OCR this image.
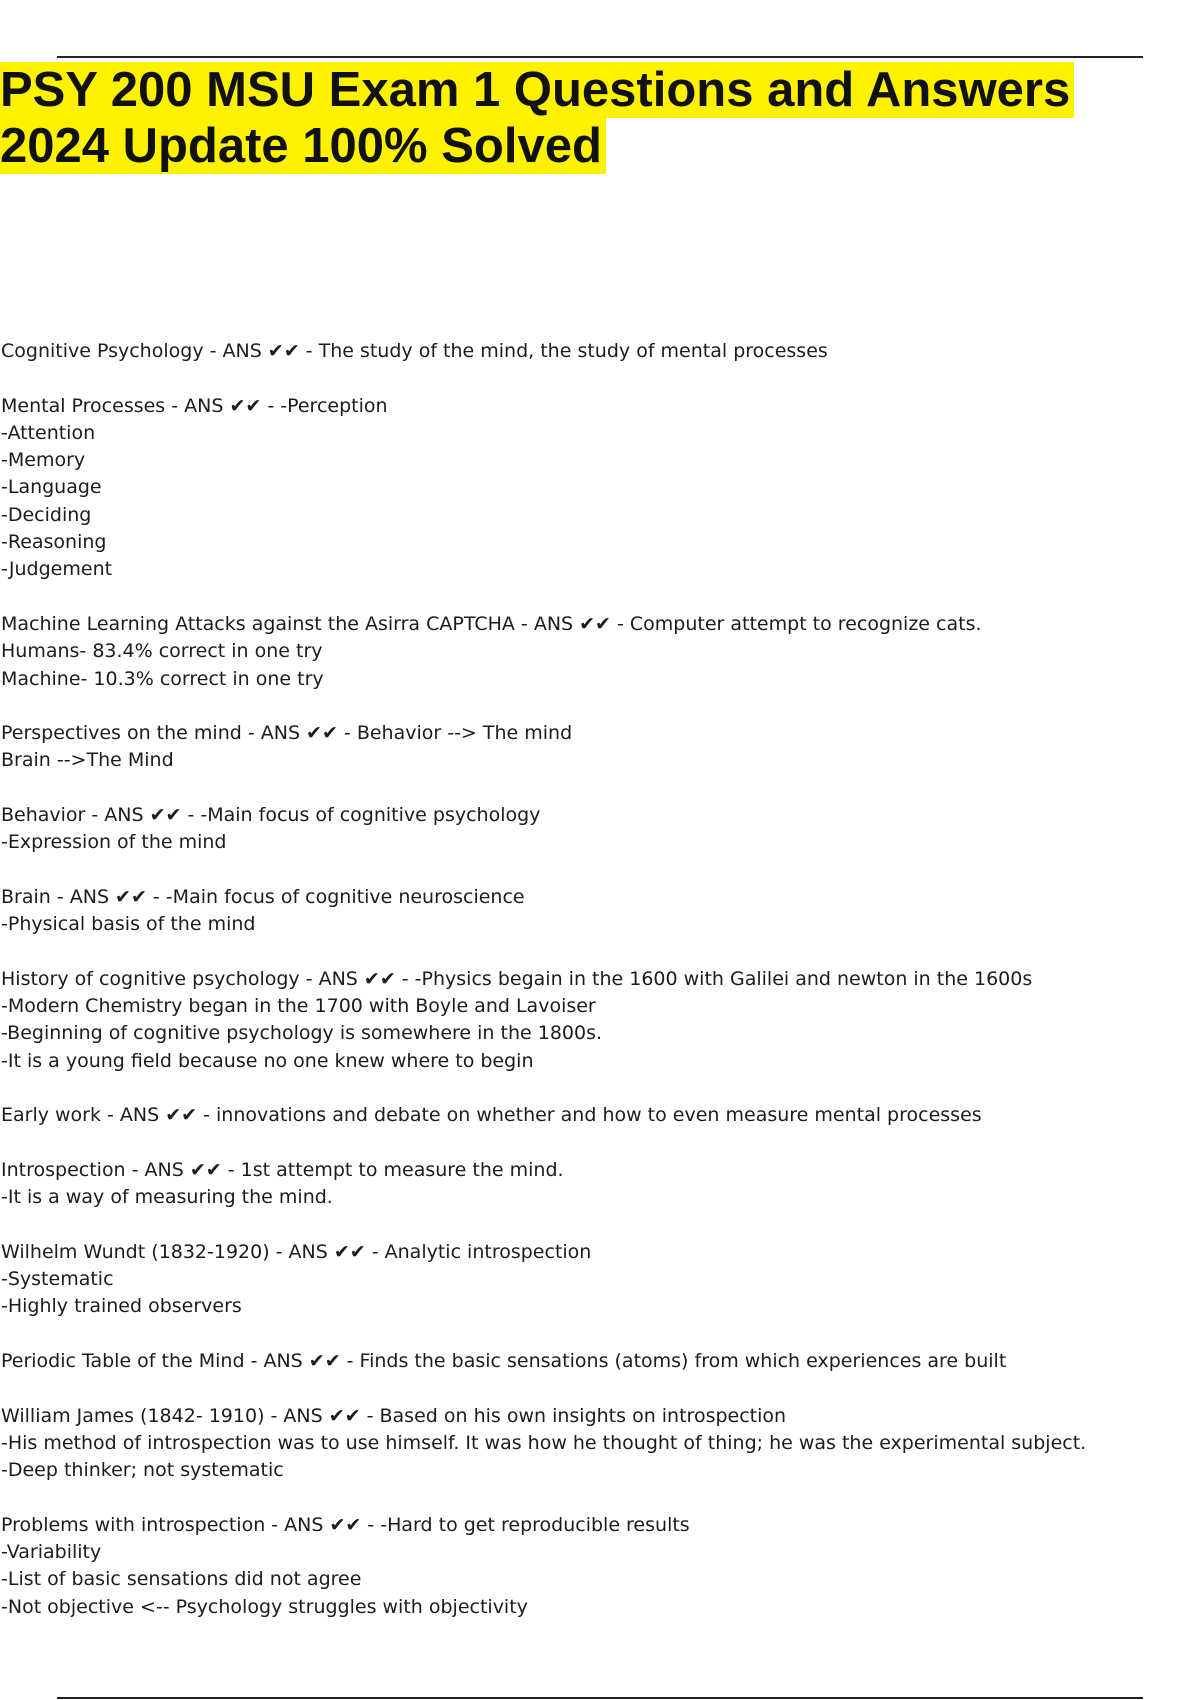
PSY 200 MSU Exam 1 Questions and Answers
2024 Update 100% Solved
Cognitive Psychology - ANS ✔✔ - The study of the mind, the study of mental processes
Mental Processes - ANS ✔✔ - -Perception
-Attention
-Memory
-Language
-Deciding
-Reasoning
-Judgement
Machine Learning Attacks against the Asirra CAPTCHA - ANS ✔✔ - Computer attempt to recognize cats.
Humans- 83.4% correct in one try
Machine- 10.3% correct in one try
Perspectives on the mind - ANS ✔✔ - Behavior --> The mind
Brain -->The Mind
Behavior - ANS ✔✔ - -Main focus of cognitive psychology
-Expression of the mind
Brain - ANS ✔✔ - -Main focus of cognitive neuroscience
-Physical basis of the mind
History of cognitive psychology - ANS ✔✔ - -Physics begain in the 1600 with Galilei and newton in the 1600s
-Modern Chemistry began in the 1700 with Boyle and Lavoiser
-Beginning of cognitive psychology is somewhere in the 1800s.
-It is a young field because no one knew where to begin
Early work - ANS ✔✔ - innovations and debate on whether and how to even measure mental processes
Introspection - ANS ✔✔ - 1st attempt to measure the mind.
-It is a way of measuring the mind.
Wilhelm Wundt (1832-1920) - ANS ✔✔ - Analytic introspection
-Systematic
-Highly trained observers
Periodic Table of the Mind - ANS ✔✔ - Finds the basic sensations (atoms) from which experiences are built
William James (1842- 1910) - ANS ✔✔ - Based on his own insights on introspection
-His method of introspection was to use himself. It was how he thought of thing; he was the experimental subject.
-Deep thinker; not systematic
Problems with introspection - ANS ✔✔ - -Hard to get reproducible results
-Variability
-List of basic sensations did not agree
-Not objective <-- Psychology struggles with objectivity
